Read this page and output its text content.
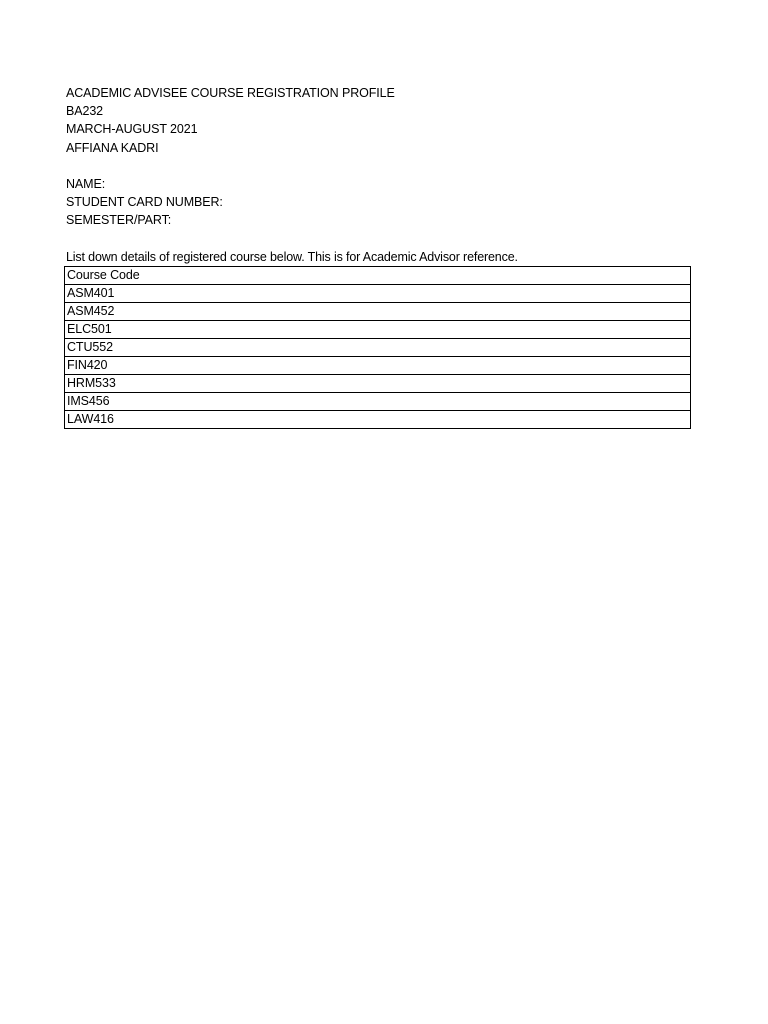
ACADEMIC ADVISEE COURSE REGISTRATION PROFILE
BA232
MARCH-AUGUST 2021
AFFIANA KADRI
NAME:
STUDENT CARD NUMBER:
SEMESTER/PART:
List down details of registered course below. This is for Academic Advisor reference.
Course Code
ASM401
ASM452
ELC501
CTU552
FIN420
HRM533
IMS456
LAW416
